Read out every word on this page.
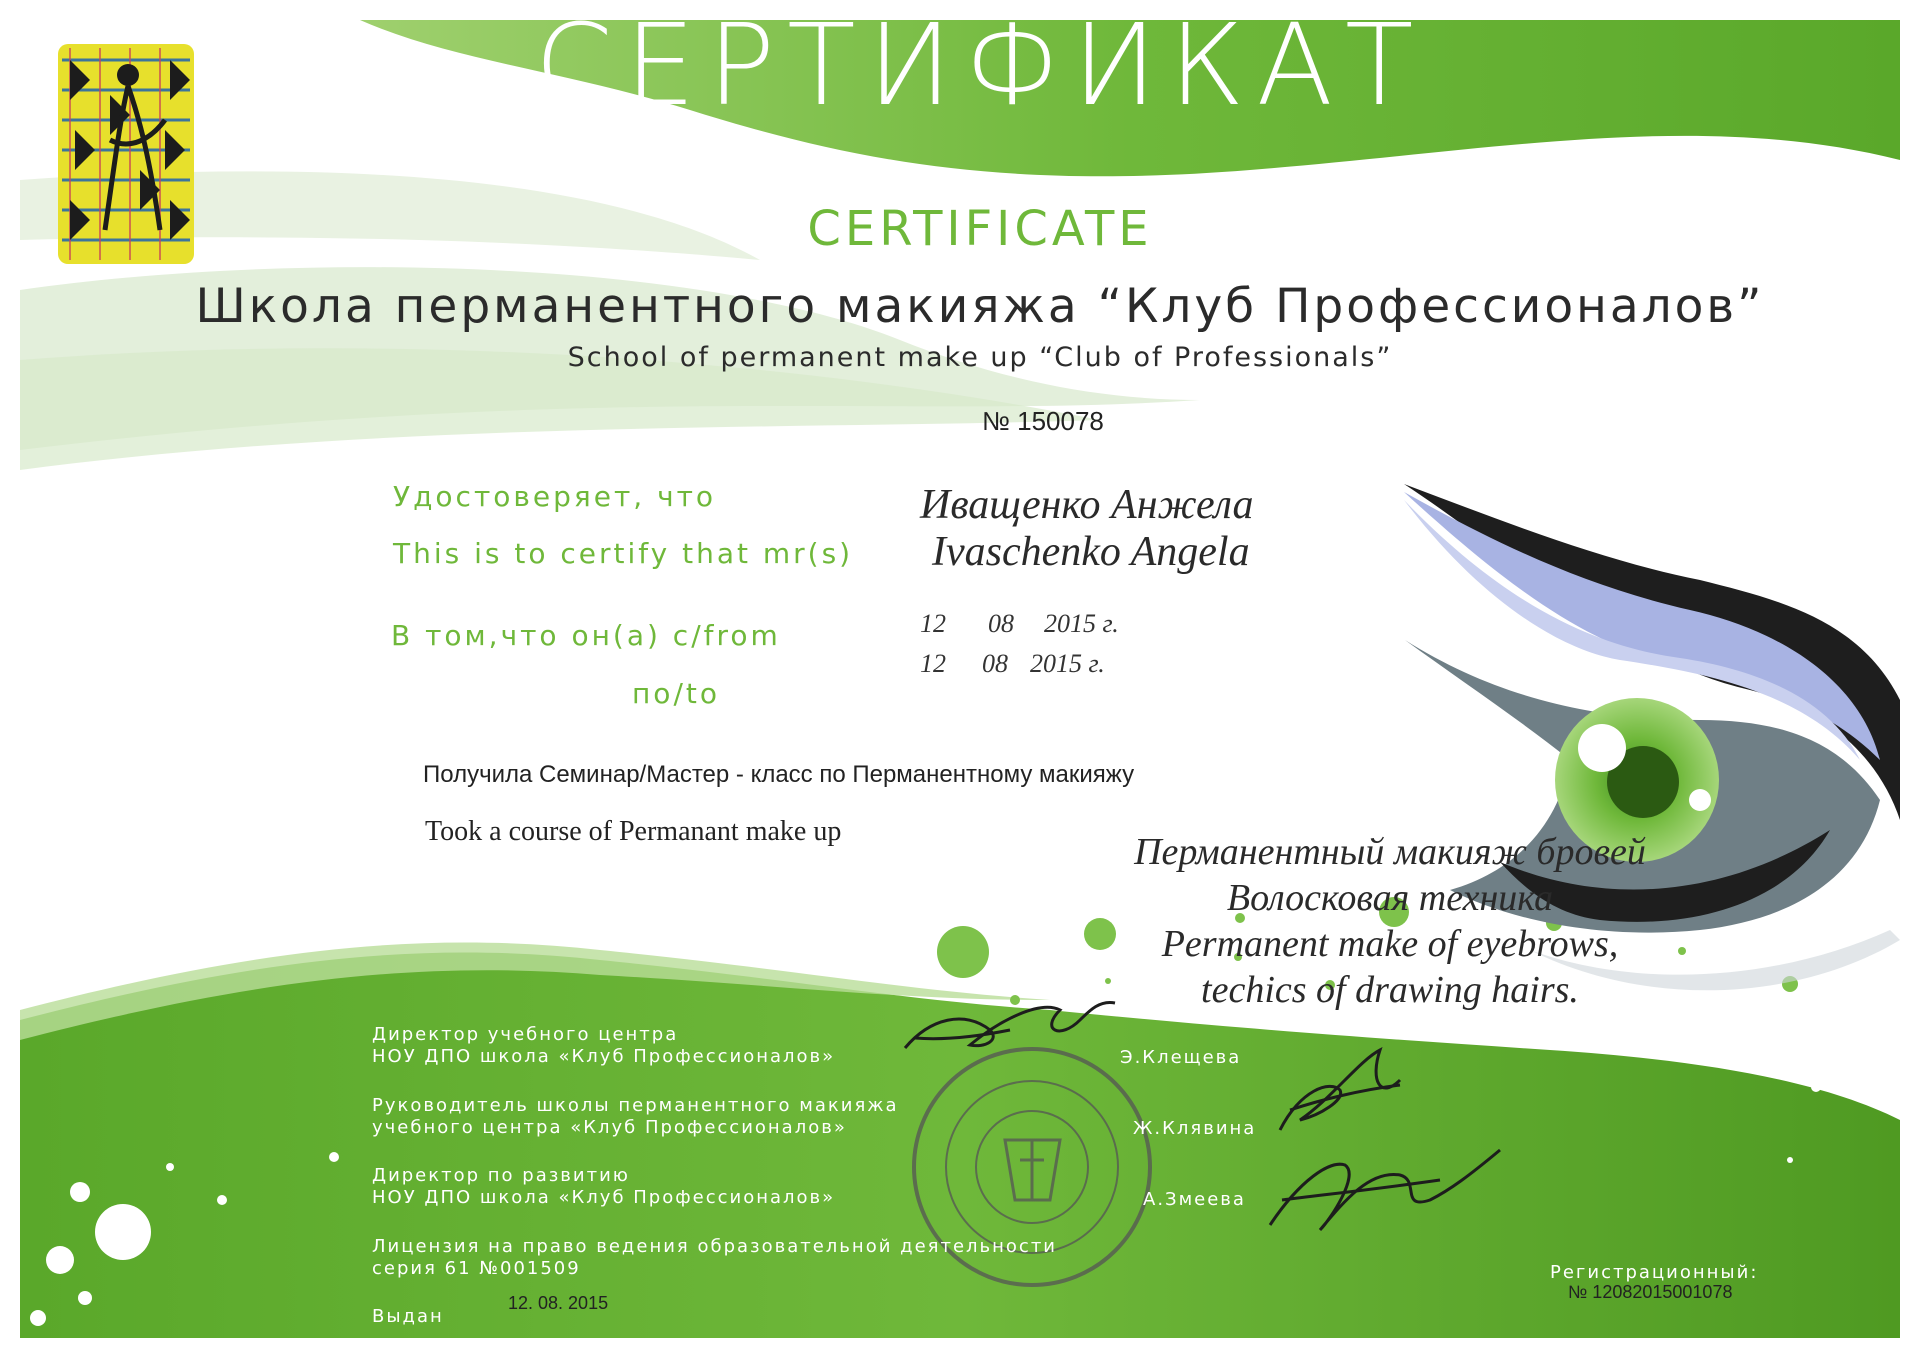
СЕРТИФИКАТ
CERTIFICATE
Школа перманентного макияжа “Клуб Профессионалов”
School of permanent make up “Club of Professionals”
№ 150078
Удостоверяет, что
This is to certify that mr(s)
В том,что он(а) с/from
по/to
Иващенко Анжела
Ivaschenko Angela
12 08 2015 г.
12 08 2015 г.
Получила Семинар/Мастер - класс по Перманентному макияжу
Took a course of Permanant make up	Перманентный макияж бровей
Волосковая техника
Permanent make of eyebrows,
techics of drawing hairs.
Директор учебного центра
НОУ ДПО школа «Клуб Профессионалов»	Э.Клещева
Руководитель школы перманентного макияжа
учебного центра «Клуб Профессионалов»	Ж.Клявина
Директор по развитию
НОУ ДПО школа «Клуб Профессионалов»	А.Змеева
Лицензия на право ведения образовательной деятельности
серия 61 №001509
Выдан
12. 08. 2015
Регистрационный:
№ 12082015001078
